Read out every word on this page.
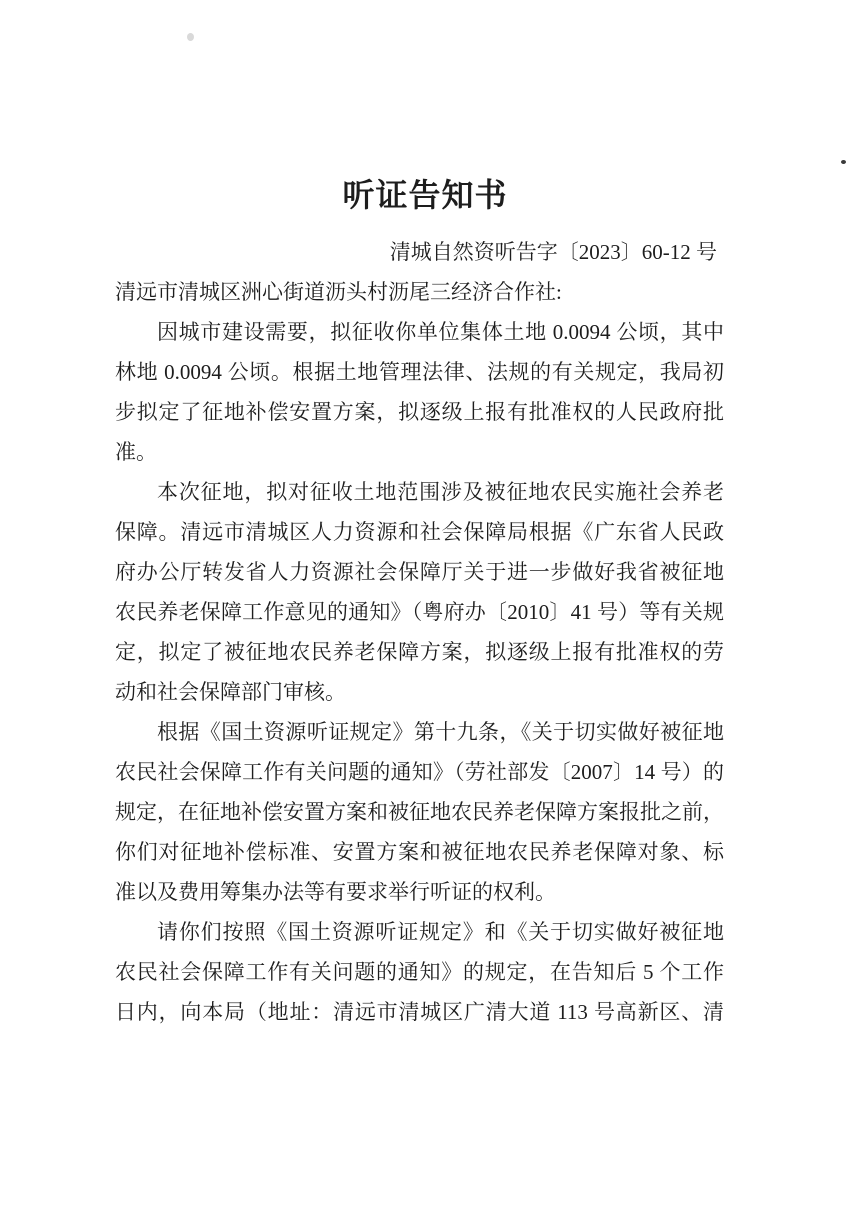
听证告知书
清城自然资听告字〔2023〕60-12 号
清远市清城区洲心街道沥头村沥尾三经济合作社:
因城市建设需要，拟征收你单位集体土地 0.0094 公顷，其中
林地 0.0094 公顷。根据土地管理法律、法规的有关规定，我局初
步拟定了征地补偿安置方案，拟逐级上报有批准权的人民政府批
准。
本次征地，拟对征收土地范围涉及被征地农民实施社会养老
保障。清远市清城区人力资源和社会保障局根据《广东省人民政
府办公厅转发省人力资源社会保障厅关于进一步做好我省被征地
农民养老保障工作意见的通知》（粤府办〔2010〕41 号）等有关规
定，拟定了被征地农民养老保障方案，拟逐级上报有批准权的劳
动和社会保障部门审核。
根据《国土资源听证规定》第十九条，《关于切实做好被征地
农民社会保障工作有关问题的通知》（劳社部发〔2007〕14 号）的
规定，在征地补偿安置方案和被征地农民养老保障方案报批之前，
你们对征地补偿标准、安置方案和被征地农民养老保障对象、标
准以及费用筹集办法等有要求举行听证的权利。
请你们按照《国土资源听证规定》和《关于切实做好被征地
农民社会保障工作有关问题的通知》的规定，在告知后 5 个工作
日内，向本局（地址：清远市清城区广清大道 113 号高新区、清
